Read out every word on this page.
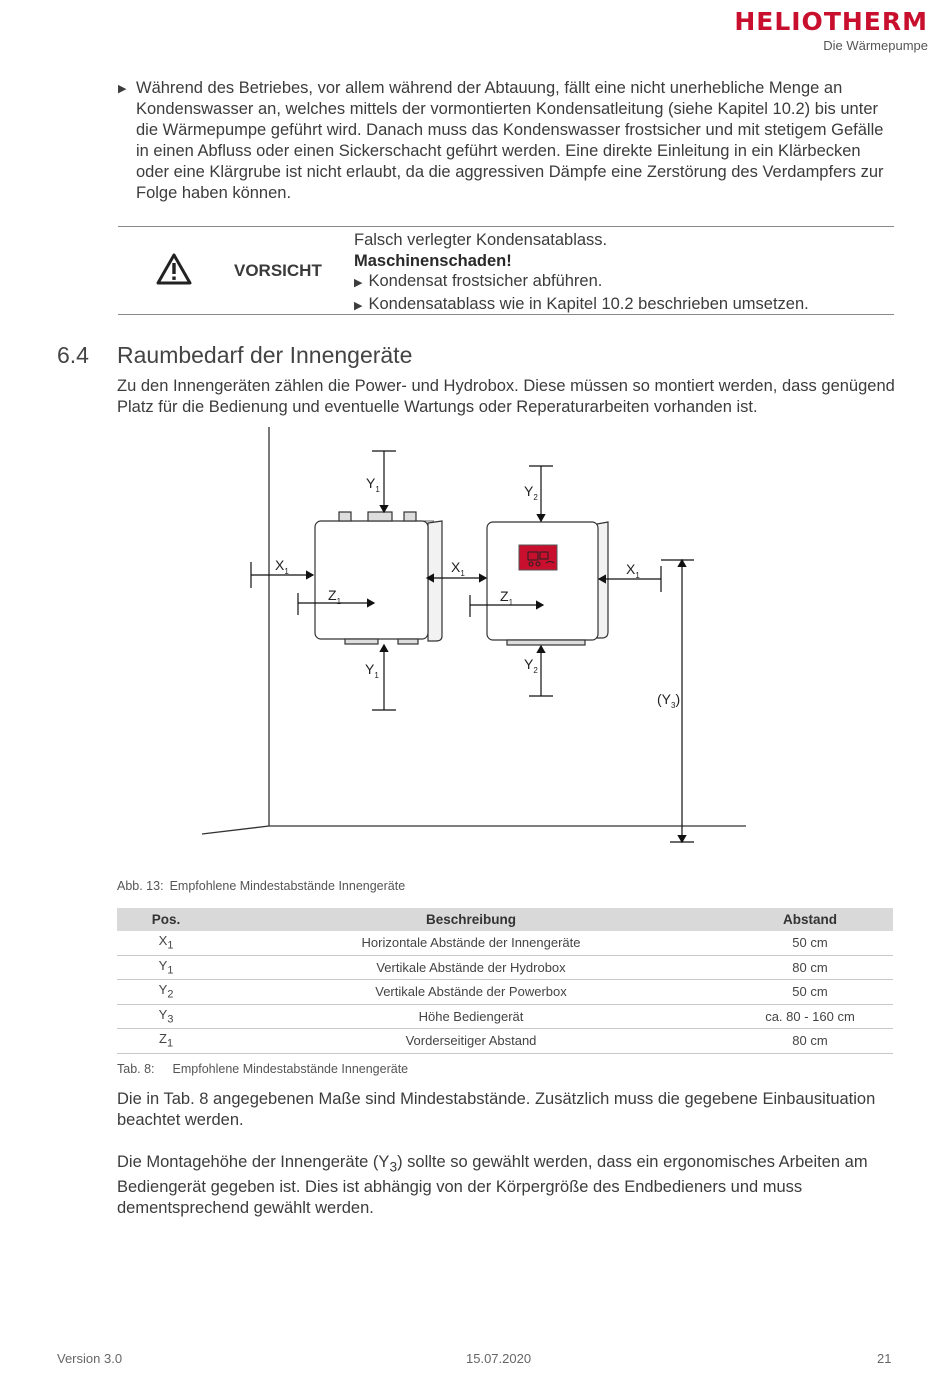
HELIOTHERM
Die Wärmepumpe
▶ Während des Betriebes, vor allem während der Abtauung, fällt eine nicht unerhebliche Menge an Kondenswasser an, welches mittels der vormontierten Kondensatleitung (siehe Kapitel 10.2) bis unter die Wärmepumpe geführt wird. Danach muss das Kondenswasser frostsicher und mit stetigem Gefälle in einen Abfluss oder einen Sickerschacht geführt werden. Eine direkte Einleitung in ein Klärbecken oder eine Klärgrube ist nicht erlaubt, da die aggressiven Dämpfe eine Zerstörung des Verdampfers zur Folge haben können.
VORSICHT
Falsch verlegter Kondensatablass.
Maschinenschaden!
▶ Kondensat frostsicher abführen.
▶ Kondensatablass wie in Kapitel 10.2 beschrieben umsetzen.
6.4 Raumbedarf der Innengeräte
Zu den Innengeräten zählen die Power- und Hydrobox. Diese müssen so montiert werden, dass genügend Platz für die Bedienung und eventuelle Wartungs oder Reperaturarbeiten vorhanden ist.
$Y_1$	$Y_2$
$X_1$	$X_1$	$X_1$
$Z_1$	$Z_1$
$Y_1$
$Y_2$
$(Y_3)$
Abb. 13: Empfohlene Mindestabstände Innengeräte
Pos.	Beschreibung	Abstand
$X_1$	Horizontale Abstände der Innengeräte	50 cm
$Y_1$	Vertikale Abstände der Hydrobox	80 cm
$Y_2$	Vertikale Abstände der Powerbox	50 cm
$Y_3$	Höhe Bediengerät	ca. 80 - 160 cm
$Z_1$	Vorderseitiger Abstand	80 cm
Tab. 8: Empfohlene Mindestabstände Innengeräte
Die in Tab. 8 angegebenen Maße sind Mindestabstände. Zusätzlich muss die gegebene Einbausituation beachtet werden.
Die Montagehöhe der Innengeräte $(Y_3)$ sollte so gewählt werden, dass ein ergonomisches Arbeiten am Bediengerät gegeben ist. Dies ist abhängig von der Körpergröße des Endbedieners und muss dementsprechend gewählt werden.
Version 3.0	15.07.2020	21
